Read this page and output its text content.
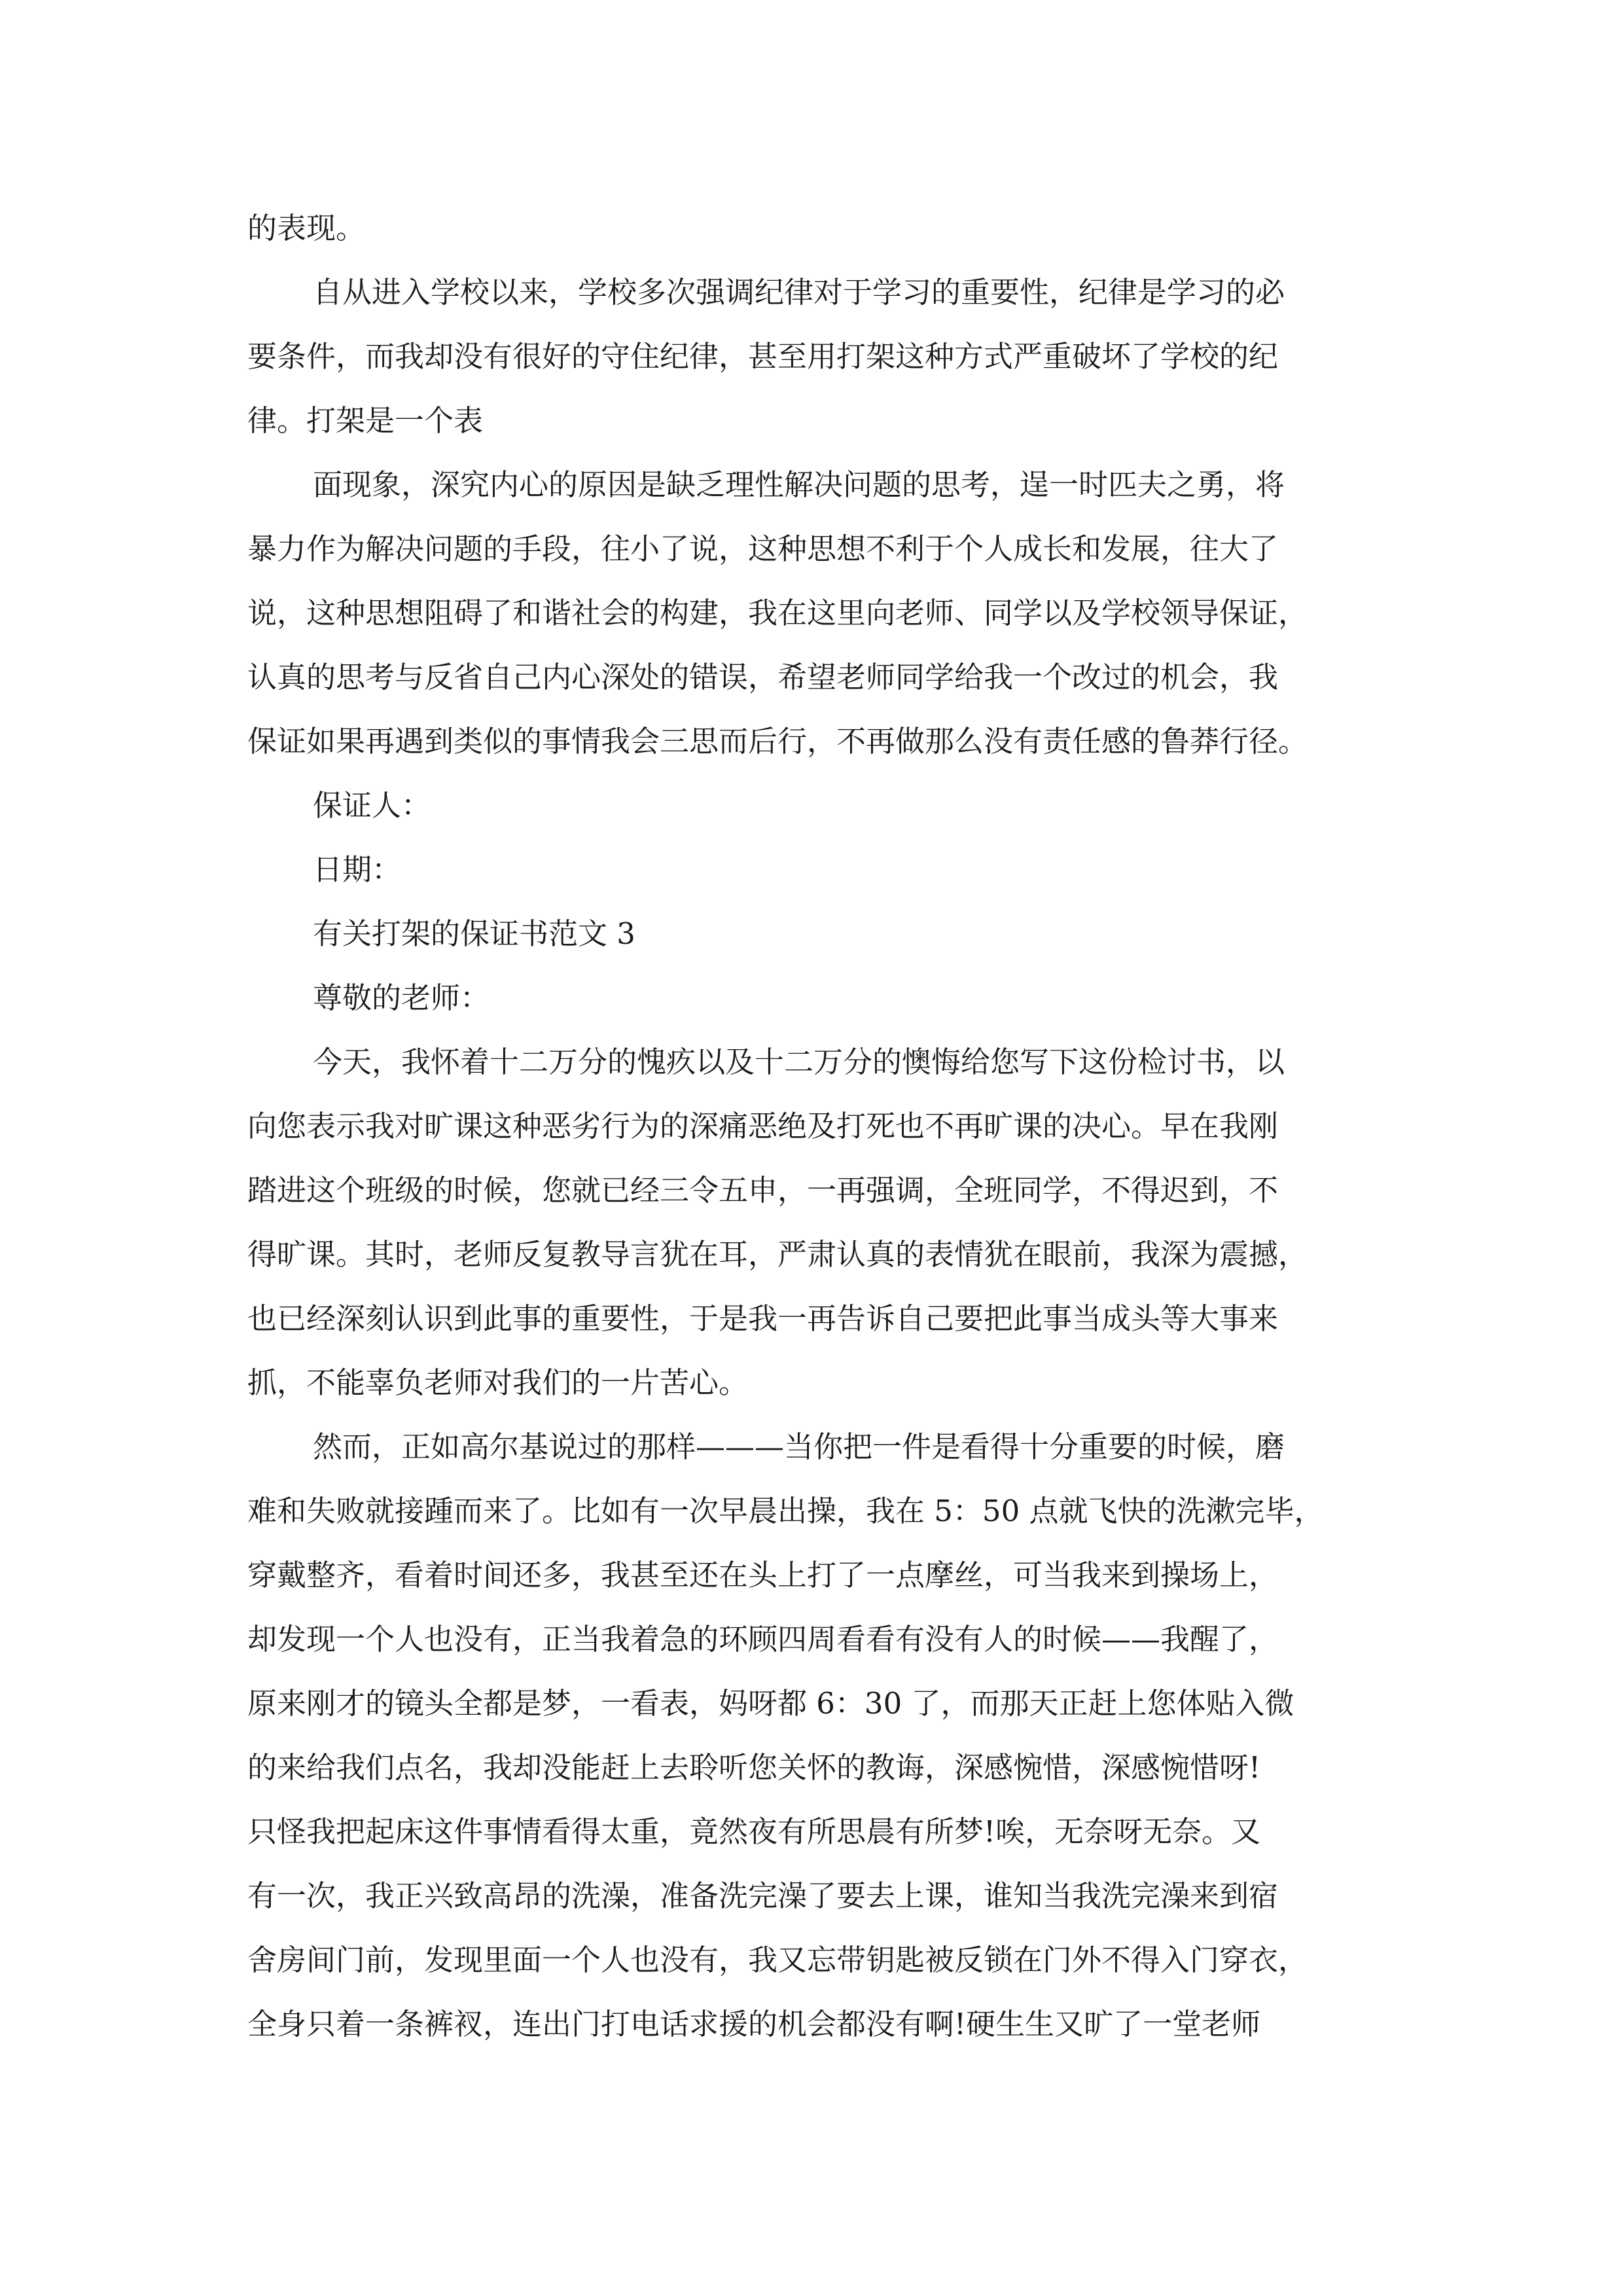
的表现。
自从进入学校以来，学校多次强调纪律对于学习的重要性，纪律是学习的必
要条件，而我却没有很好的守住纪律，甚至用打架这种方式严重破坏了学校的纪
律。打架是一个表
面现象，深究内心的原因是缺乏理性解决问题的思考，逞一时匹夫之勇，将
暴力作为解决问题的手段，往小了说，这种思想不利于个人成长和发展，往大了
说，这种思想阻碍了和谐社会的构建，我在这里向老师、同学以及学校领导保证，
认真的思考与反省自己内心深处的错误，希望老师同学给我一个改过的机会，我
保证如果再遇到类似的事情我会三思而后行，不再做那么没有责任感的鲁莽行径。
保证人：
日期：
有关打架的保证书范文 3
尊敬的老师：
今天，我怀着十二万分的愧疚以及十二万分的懊悔给您写下这份检讨书，以
向您表示我对旷课这种恶劣行为的深痛恶绝及打死也不再旷课的决心。早在我刚
踏进这个班级的时候，您就已经三令五申，一再强调，全班同学，不得迟到，不
得旷课。其时，老师反复教导言犹在耳，严肃认真的表情犹在眼前，我深为震撼，
也已经深刻认识到此事的重要性，于是我一再告诉自己要把此事当成头等大事来
抓，不能辜负老师对我们的一片苦心。
然而，正如高尔基说过的那样———当你把一件是看得十分重要的时候，磨
难和失败就接踵而来了。比如有一次早晨出操，我在 5：50 点就飞快的洗漱完毕，
穿戴整齐，看着时间还多，我甚至还在头上打了一点摩丝，可当我来到操场上，
却发现一个人也没有，正当我着急的环顾四周看看有没有人的时候——我醒了，
原来刚才的镜头全都是梦，一看表，妈呀都 6：30 了，而那天正赶上您体贴入微
的来给我们点名，我却没能赶上去聆听您关怀的教诲，深感惋惜，深感惋惜呀!
只怪我把起床这件事情看得太重，竟然夜有所思晨有所梦!唉，无奈呀无奈。又
有一次，我正兴致高昂的洗澡，准备洗完澡了要去上课，谁知当我洗完澡来到宿
舍房间门前，发现里面一个人也没有，我又忘带钥匙被反锁在门外不得入门穿衣，
全身只着一条裤衩，连出门打电话求援的机会都没有啊!硬生生又旷了一堂老师
